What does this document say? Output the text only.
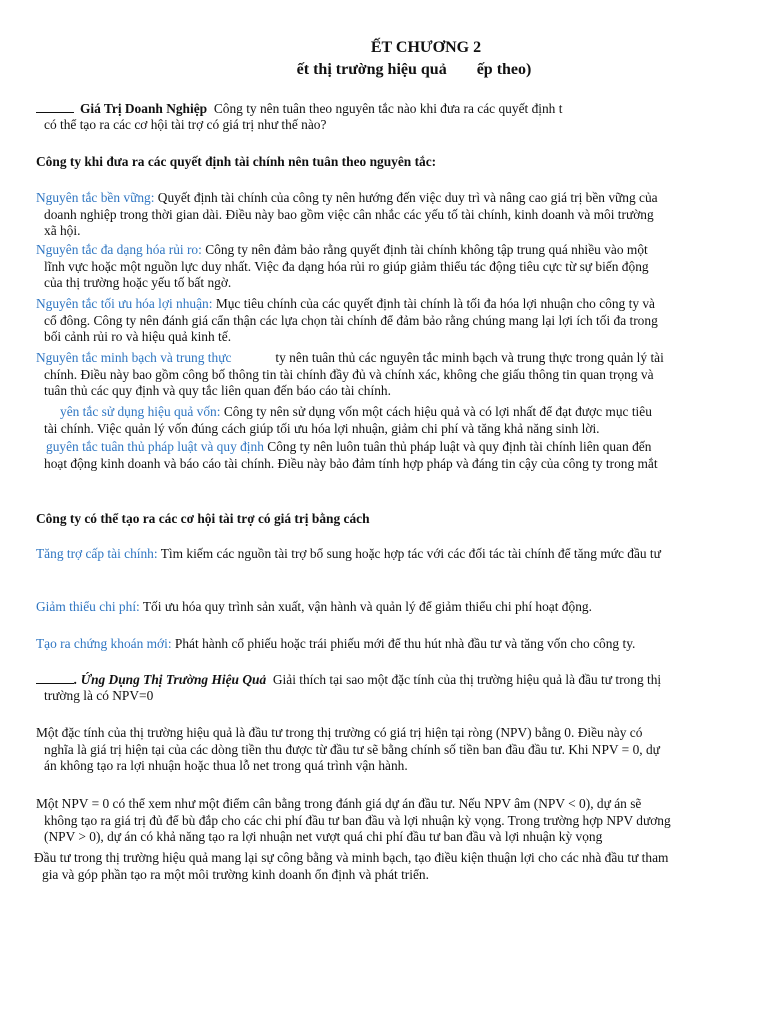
ẾT CHƯƠNG 2
ết thị trường hiệu quả ếp theo)
Giá Trị Doanh Nghiệp Công ty nên tuân theo nguyên tắc nào khi đưa ra các quyết định t
có thể tạo ra các cơ hội tài trợ có giá trị như thế nào?
Công ty khi đưa ra các quyết định tài chính nên tuân theo nguyên tắc:
Nguyên tắc bền vững: Quyết định tài chính của công ty nên hướng đến việc duy trì và nâng cao giá trị bền vững của
doanh nghiệp trong thời gian dài. Điều này bao gồm việc cân nhắc các yếu tố tài chính, kinh doanh và môi trường
xã hội.
Nguyên tắc đa dạng hóa rủi ro: Công ty nên đảm bảo rằng quyết định tài chính không tập trung quá nhiều vào một
lĩnh vực hoặc một nguồn lực duy nhất. Việc đa dạng hóa rủi ro giúp giảm thiểu tác động tiêu cực từ sự biến động
của thị trường hoặc yếu tố bất ngờ.
Nguyên tắc tối ưu hóa lợi nhuận: Mục tiêu chính của các quyết định tài chính là tối đa hóa lợi nhuận cho công ty và
cổ đông. Công ty nên đánh giá cẩn thận các lựa chọn tài chính để đảm bảo rằng chúng mang lại lợi ích tối đa trong
bối cảnh rủi ro và hiệu quả kinh tế.
Nguyên tắc minh bạch và trung thực	ty nên tuân thủ các nguyên tắc minh bạch và trung thực trong quản lý tài
chính. Điều này bao gồm công bố thông tin tài chính đầy đủ và chính xác, không che giấu thông tin quan trọng và
tuân thủ các quy định và quy tắc liên quan đến báo cáo tài chính.
yên tắc sử dụng hiệu quả vốn: Công ty nên sử dụng vốn một cách hiệu quả và có lợi nhất để đạt được mục tiêu
tài chính. Việc quản lý vốn đúng cách giúp tối ưu hóa lợi nhuận, giảm chi phí và tăng khả năng sinh lời.
guyên tắc tuân thủ pháp luật và quy định Công ty nên luôn tuân thủ pháp luật và quy định tài chính liên quan đến
hoạt động kinh doanh và báo cáo tài chính. Điều này bảo đảm tính hợp pháp và đáng tin cậy của công ty trong mắt
Công ty có thể tạo ra các cơ hội tài trợ có giá trị bằng cách
Tăng trợ cấp tài chính: Tìm kiếm các nguồn tài trợ bổ sung hoặc hợp tác với các đối tác tài chính để tăng mức đầu tư
Giảm thiểu chi phí: Tối ưu hóa quy trình sản xuất, vận hành và quản lý để giảm thiểu chi phí hoạt động.
Tạo ra chứng khoán mới: Phát hành cổ phiếu hoặc trái phiếu mới để thu hút nhà đầu tư và tăng vốn cho công ty.
. Ứng Dụng Thị Trường Hiệu Quả Giải thích tại sao một đặc tính của thị trường hiệu quả là đầu tư trong thị
trường là có NPV=0
Một đặc tính của thị trường hiệu quả là đầu tư trong thị trường có giá trị hiện tại ròng (NPV) bằng 0. Điều này có
nghĩa là giá trị hiện tại của các dòng tiền thu được từ đầu tư sẽ bằng chính số tiền ban đầu đầu tư. Khi NPV = 0, dự
án không tạo ra lợi nhuận hoặc thua lỗ net trong quá trình vận hành.
Một NPV = 0 có thể xem như một điểm cân bằng trong đánh giá dự án đầu tư. Nếu NPV âm (NPV < 0), dự án sẽ
không tạo ra giá trị đủ để bù đắp cho các chi phí đầu tư ban đầu và lợi nhuận kỳ vọng. Trong trường hợp NPV dương
(NPV > 0), dự án có khả năng tạo ra lợi nhuận net vượt quá chi phí đầu tư ban đầu và lợi nhuận kỳ vọng
Đầu tư trong thị trường hiệu quả mang lại sự công bằng và minh bạch, tạo điều kiện thuận lợi cho các nhà đầu tư tham
gia và góp phần tạo ra một môi trường kinh doanh ổn định và phát triển.
